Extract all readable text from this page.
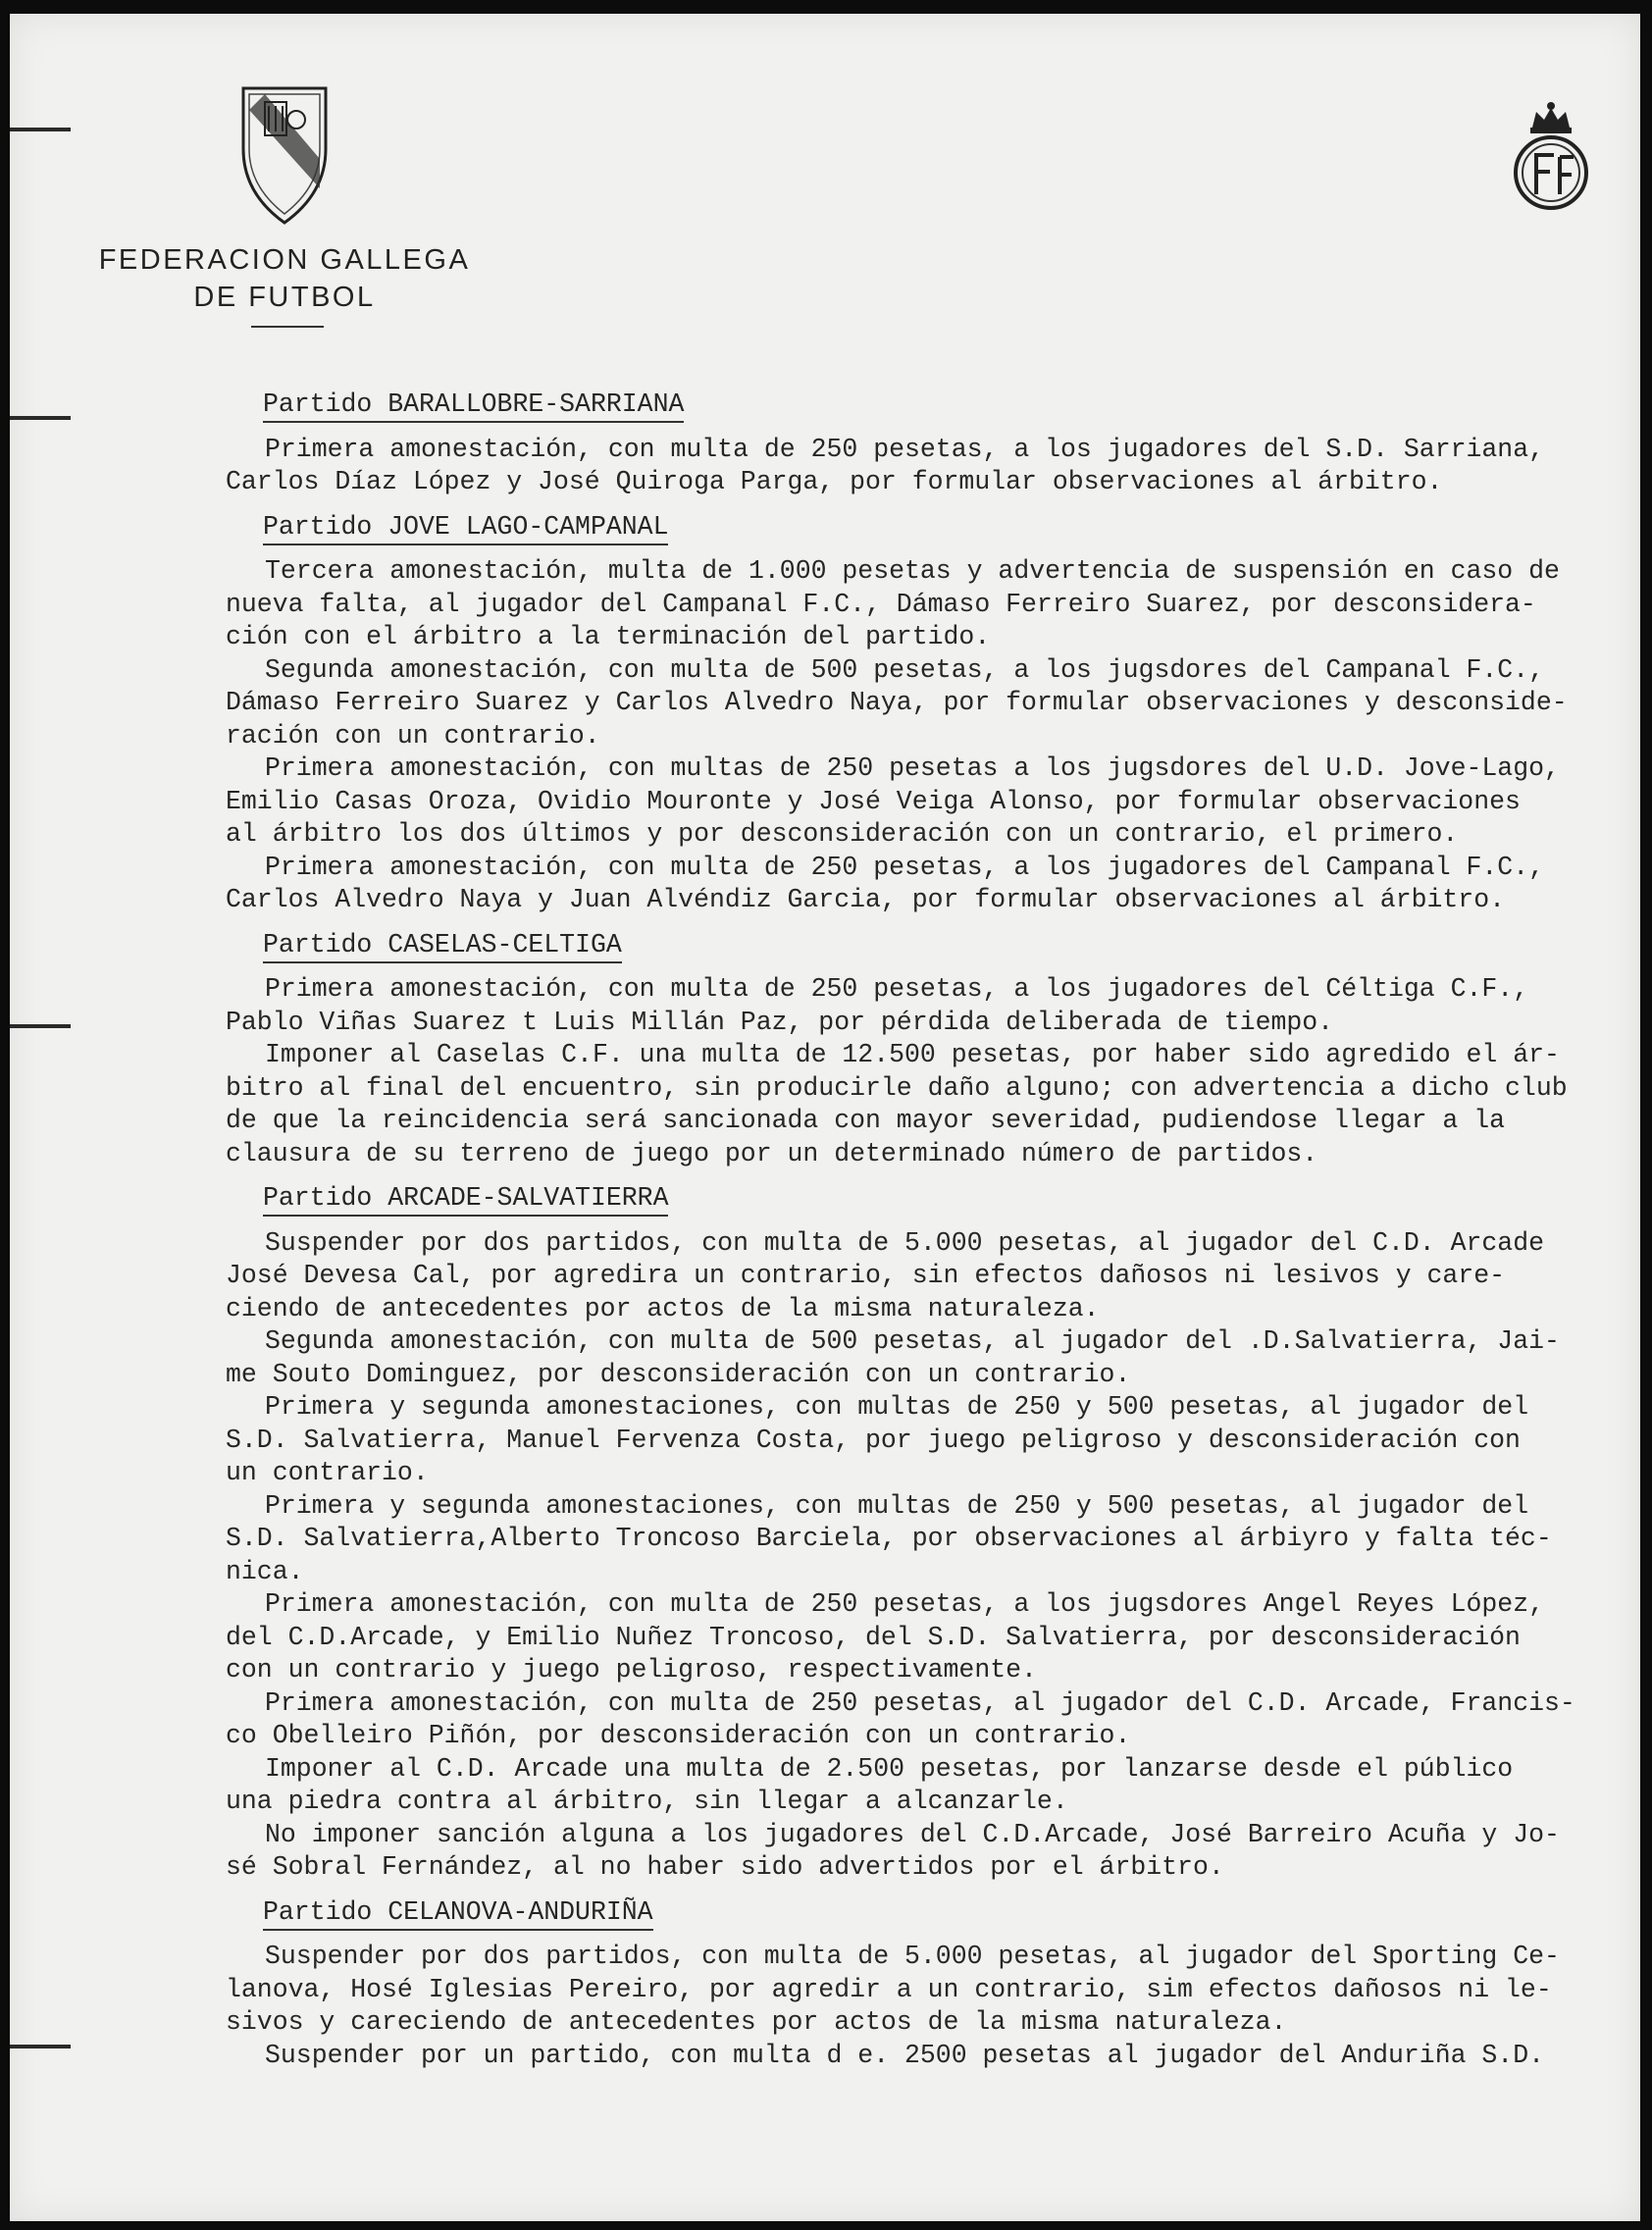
FEDERACION GALLEGA
DE FUTBOL
Partido BARALLOBRE-SARRIANA
Primera amonestación, con multa de 250 pesetas, a los jugadores del S.D. Sarriana,
Carlos Díaz López y José Quiroga Parga, por formular observaciones al árbitro.
Partido JOVE LAGO-CAMPANAL
Tercera amonestación, multa de 1.000 pesetas y advertencia de suspensión en caso de
nueva falta, al jugador del Campanal F.C., Dámaso Ferreiro Suarez, por desconsidera-
ción con el árbitro a la terminación del partido.
Segunda amonestación, con multa de 500 pesetas, a los jugsdores del Campanal F.C.,
Dámaso Ferreiro Suarez y Carlos Alvedro Naya, por formular observaciones y desconside-
ración con un contrario.
Primera amonestación, con multas de 250 pesetas a los jugsdores del U.D. Jove-Lago,
Emilio Casas Oroza, Ovidio Mouronte y José Veiga Alonso, por formular observaciones
al árbitro los dos últimos y por desconsideración con un contrario, el primero.
Primera amonestación, con multa de 250 pesetas, a los jugadores del Campanal F.C.,
Carlos Alvedro Naya y Juan Alvéndiz Garcia, por formular observaciones al árbitro.
Partido CASELAS-CELTIGA
Primera amonestación, con multa de 250 pesetas, a los jugadores del Céltiga C.F.,
Pablo Viñas Suarez t Luis Millán Paz, por pérdida deliberada de tiempo.
Imponer al Caselas C.F. una multa de 12.500 pesetas, por haber sido agredido el ár-
bitro al final del encuentro, sin producirle daño alguno; con advertencia a dicho club
de que la reincidencia será sancionada con mayor severidad, pudiendose llegar a la
clausura de su terreno de juego por un determinado número de partidos.
Partido ARCADE-SALVATIERRA
Suspender por dos partidos, con multa de 5.000 pesetas, al jugador del C.D. Arcade
José Devesa Cal, por agredira un contrario, sin efectos dañosos ni lesivos y care-
ciendo de antecedentes por actos de la misma naturaleza.
Segunda amonestación, con multa de 500 pesetas, al jugador del .D.Salvatierra, Jai-
me Souto Dominguez, por desconsideración con un contrario.
Primera y segunda amonestaciones, con multas de 250 y 500 pesetas, al jugador del
S.D. Salvatierra, Manuel Fervenza Costa, por juego peligroso y desconsideración con
un contrario.
Primera y segunda amonestaciones, con multas de 250 y 500 pesetas, al jugador del
S.D. Salvatierra,Alberto Troncoso Barciela, por observaciones al árbiyro y falta téc-
nica.
Primera amonestación, con multa de 250 pesetas, a los jugsdores Angel Reyes López,
del C.D.Arcade, y Emilio Nuñez Troncoso, del S.D. Salvatierra, por desconsideración
con un contrario y juego peligroso, respectivamente.
Primera amonestación, con multa de 250 pesetas, al jugador del C.D. Arcade, Francis-
co Obelleiro Piñón, por desconsideración con un contrario.
Imponer al C.D. Arcade una multa de 2.500 pesetas, por lanzarse desde el público
una piedra contra al árbitro, sin llegar a alcanzarle.
No imponer sanción alguna a los jugadores del C.D.Arcade, José Barreiro Acuña y Jo-
sé Sobral Fernández, al no haber sido advertidos por el árbitro.
Partido CELANOVA-ANDURIÑA
Suspender por dos partidos, con multa de 5.000 pesetas, al jugador del Sporting Ce-
lanova, Hosé Iglesias Pereiro, por agredir a un contrario, sim efectos dañosos ni le-
sivos y careciendo de antecedentes por actos de la misma naturaleza.
Suspender por un partido, con multa d e. 2500 pesetas al jugador del Anduriña S.D.
